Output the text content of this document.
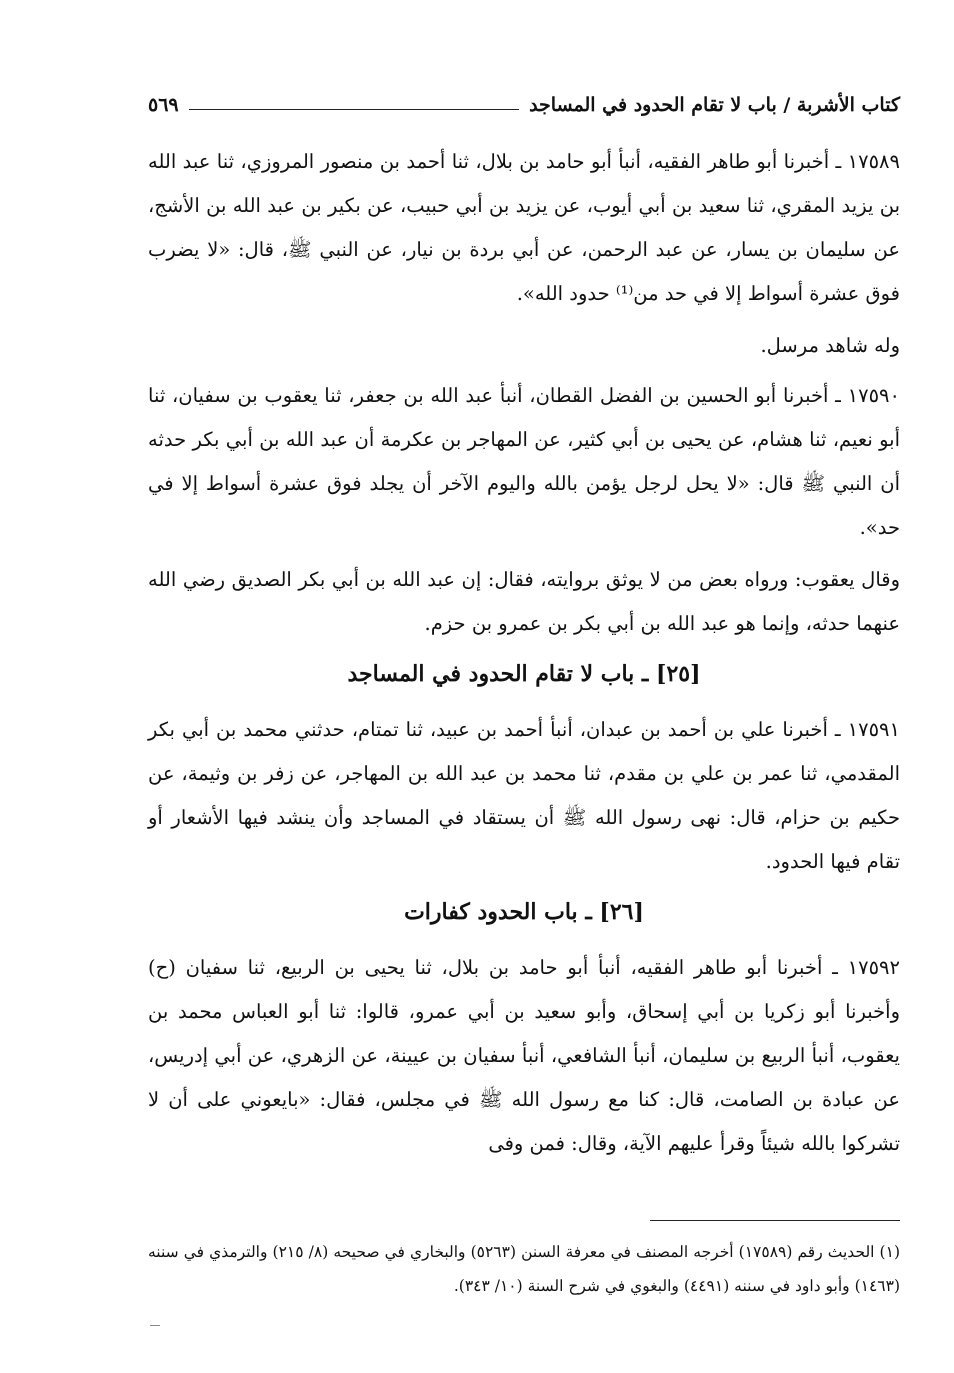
كتاب الأشربة / باب لا تقام الحدود في المساجد
٥٦٩

١٧٥٨٩ ـ أخبرنا أبو طاهر الفقيه، أنبأ أبو حامد بن بلال، ثنا أحمد بن منصور المروزي، ثنا عبد الله بن يزيد المقري، ثنا سعيد بن أبي أيوب، عن يزيد بن أبي حبيب، عن بكير بن عبد الله بن الأشج، عن سليمان بن يسار، عن عبد الرحمن، عن أبي بردة بن نيار، عن النبي ﷺ، قال: «لا يضرب فوق عشرة أسواط إلا في حد من⁽¹⁾ حدود الله».

وله شاهد مرسل.

١٧٥٩٠ ـ أخبرنا أبو الحسين بن الفضل القطان، أنبأ عبد الله بن جعفر، ثنا يعقوب بن سفيان، ثنا أبو نعيم، ثنا هشام، عن يحيى بن أبي كثير، عن المهاجر بن عكرمة أن عبد الله بن أبي بكر حدثه أن النبي ﷺ قال: «لا يحل لرجل يؤمن بالله واليوم الآخر أن يجلد فوق عشرة أسواط إلا في حد».

وقال يعقوب: ورواه بعض من لا يوثق بروايته، فقال: إن عبد الله بن أبي بكر الصديق رضي الله عنهما حدثه، وإنما هو عبد الله بن أبي بكر بن عمرو بن حزم.

[٢٥] ـ باب لا تقام الحدود في المساجد

١٧٥٩١ ـ أخبرنا علي بن أحمد بن عبدان، أنبأ أحمد بن عبيد، ثنا تمتام، حدثني محمد بن أبي بكر المقدمي، ثنا عمر بن علي بن مقدم، ثنا محمد بن عبد الله بن المهاجر، عن زفر بن وثيمة، عن حكيم بن حزام، قال: نهى رسول الله ﷺ أن يستقاد في المساجد وأن ينشد فيها الأشعار أو تقام فيها الحدود.

[٢٦] ـ باب الحدود كفارات

١٧٥٩٢ ـ أخبرنا أبو طاهر الفقيه، أنبأ أبو حامد بن بلال، ثنا يحيى بن الربيع، ثنا سفيان (ح) وأخبرنا أبو زكريا بن أبي إسحاق، وأبو سعيد بن أبي عمرو، قالوا: ثنا أبو العباس محمد بن يعقوب، أنبأ الربيع بن سليمان، أنبأ الشافعي، أنبأ سفيان بن عيينة، عن الزهري، عن أبي إدريس، عن عبادة بن الصامت، قال: كنا مع رسول الله ﷺ في مجلس، فقال: «بايعوني على أن لا تشركوا بالله شيئاً وقرأ عليهم الآية، وقال: فمن وفى

(١) الحديث رقم (١٧٥٨٩) أخرجه المصنف في معرفة السنن (٥٢٦٣) والبخاري في صحيحه (٨/ ٢١٥) والترمذي في سننه (١٤٦٣) وأبو داود في سننه (٤٤٩١) والبغوي في شرح السنة (١٠/ ٣٤٣).
